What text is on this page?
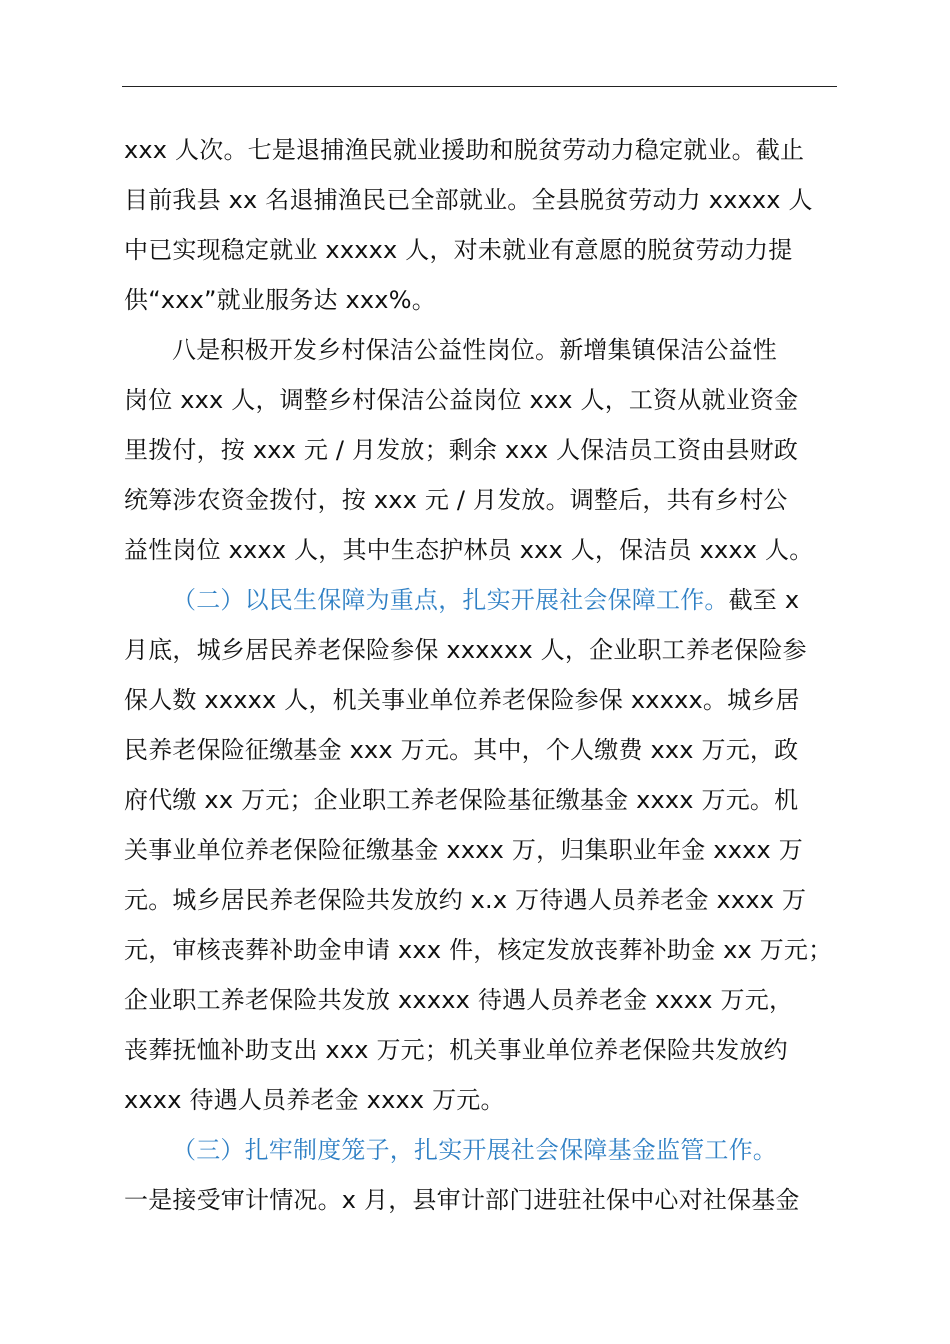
xxx 人次。七是退捕渔民就业援助和脱贫劳动力稳定就业。截止
目前我县 xx 名退捕渔民已全部就业。全县脱贫劳动力 xxxxx 人
中已实现稳定就业 xxxxx 人，对未就业有意愿的脱贫劳动力提
供“xxx”就业服务达 xxx%。

八是积极开发乡村保洁公益性岗位。新增集镇保洁公益性
岗位 xxx 人，调整乡村保洁公益岗位 xxx 人，工资从就业资金
里拨付，按 xxx 元 / 月发放；剩余 xxx 人保洁员工资由县财政
统筹涉农资金拨付，按 xxx 元 / 月发放。调整后，共有乡村公
益性岗位 xxxx 人，其中生态护林员 xxx 人，保洁员 xxxx 人。

（二）以民生保障为重点，扎实开展社会保障工作。截至 x
月底，城乡居民养老保险参保 xxxxxx 人，企业职工养老保险参
保人数 xxxxx 人，机关事业单位养老保险参保 xxxxx。城乡居
民养老保险征缴基金 xxx 万元。其中，个人缴费 xxx 万元，政
府代缴 xx 万元；企业职工养老保险基征缴基金 xxxx 万元。机
关事业单位养老保险征缴基金 xxxx 万，归集职业年金 xxxx 万
元。城乡居民养老保险共发放约 x.x 万待遇人员养老金 xxxx 万
元，审核丧葬补助金申请 xxx 件，核定发放丧葬补助金 xx 万元；
企业职工养老保险共发放 xxxxx 待遇人员养老金 xxxx 万元，
丧葬抚恤补助支出 xxx 万元；机关事业单位养老保险共发放约
xxxx 待遇人员养老金 xxxx 万元。

（三）扎牢制度笼子，扎实开展社会保障基金监管工作。
一是接受审计情况。x 月，县审计部门进驻社保中心对社保基金
